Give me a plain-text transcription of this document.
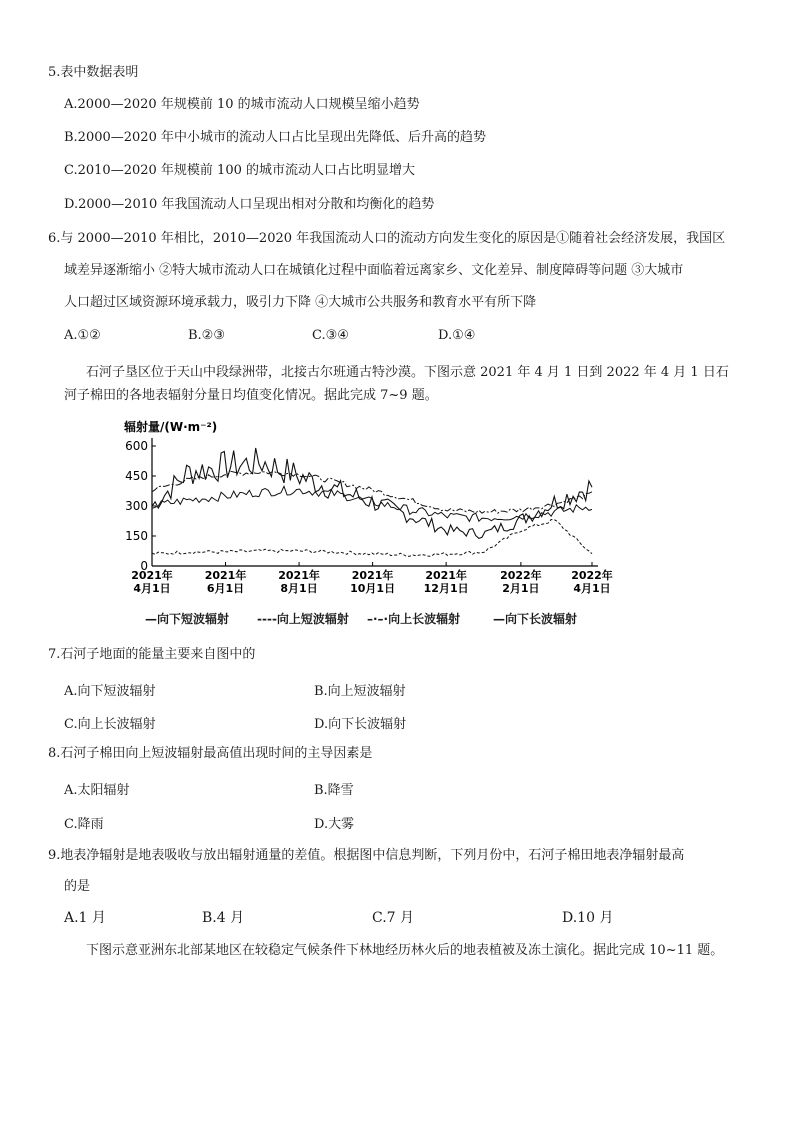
5.表中数据表明
A.2000—2020 年规模前 10 的城市流动人口规模呈缩小趋势
B.2000—2020 年中小城市的流动人口占比呈现出先降低、后升高的趋势
C.2010—2020 年规模前 100 的城市流动人口占比明显增大
D.2000—2010 年我国流动人口呈现出相对分散和均衡化的趋势
6.与 2000—2010 年相比，2010—2020 年我国流动人口的流动方向发生变化的原因是①随着社会经济发展，我国区
域差异逐渐缩小 ②特大城市流动人口在城镇化过程中面临着远离家乡、文化差异、制度障碍等问题 ③大城市
人口超过区域资源环境承载力，吸引力下降 ④大城市公共服务和教育水平有所下降
A.①②	B.②③	C.③④	D.①④
石河子垦区位于天山中段绿洲带，北接古尔班通古特沙漠。下图示意 2021 年 4 月 1 日到 2022 年 4 月 1 日石
河子棉田的各地表辐射分量日均值变化情况。据此完成 7~9 题。
辐射量/(W·m⁻²)
0
150
300
450
600
2021年 4月1日
2021年 6月1日
2021年 8月1日
2021年 10月1日
2021年 12月1日
2022年 2月1日
2022年 4月1日
—向下短波辐射 ----向上短波辐射 –·–·向上长波辐射	—向下长波辐射
7.石河子地面的能量主要来自图中的
A.向下短波辐射	B.向上短波辐射
C.向上长波辐射	D.向下长波辐射
8.石河子棉田向上短波辐射最高值出现时间的主导因素是
A.太阳辐射	B.降雪
C.降雨	D.大雾
9.地表净辐射是地表吸收与放出辐射通量的差值。根据图中信息判断，下列月份中，石河子棉田地表净辐射最高
的是
A.1 月	B.4 月	C.7 月	D.10 月
下图示意亚洲东北部某地区在较稳定气候条件下林地经历林火后的地表植被及冻土演化。据此完成 10~11 题。
